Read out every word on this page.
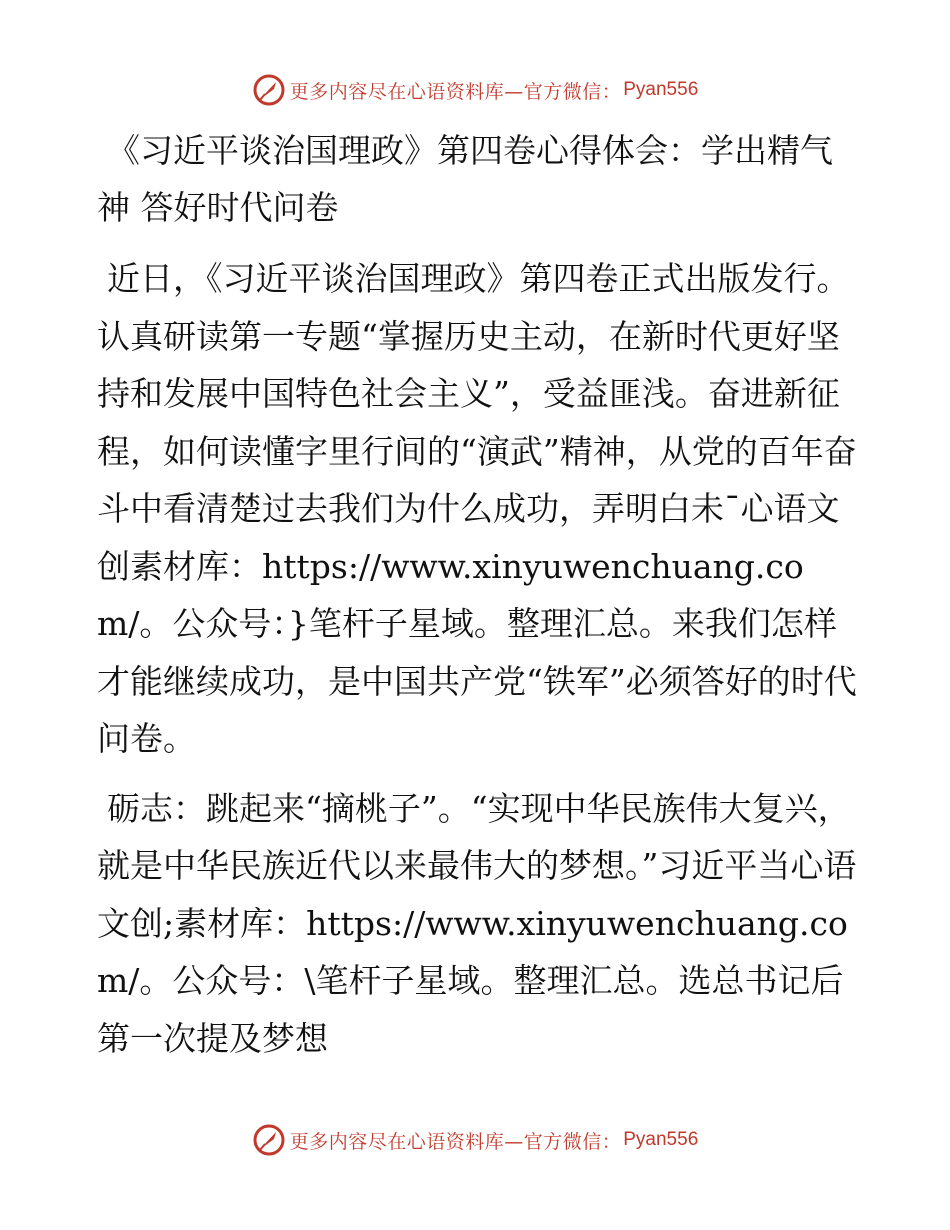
更多内容尽在心语资料库—官方微信： Pyan556
《习近平谈治国理政》第四卷心得体会：学出精气神 答好时代问卷

近日，《习近平谈治国理政》第四卷正式出版发行。认真研读第一专题“掌握历史主动，在新时代更好坚持和发展中国特色社会主义”，受益匪浅。奋进新征程，如何读懂字里行间的“演武”精神，从党的百年奋斗中看清楚过去我们为什么成功，弄明白未¯心语文创素材库：https://www.xinyuwenchuang.com/。公众号：}笔杆子星域。整理汇总。来我们怎样才能继续成功，是中国共产党“铁军”必须答好的时代问卷。

砺志：跳起来“摘桃子”。“实现中华民族伟大复兴，就是中华民族近代以来最伟大的梦想。”习近平当心语文创;素材库：https://www.xinyuwenchuang.com/。公众号：\笔杆子星域。整理汇总。选总书记后第一次提及梦想

更多内容尽在心语资料库—官方微信： Pyan556
